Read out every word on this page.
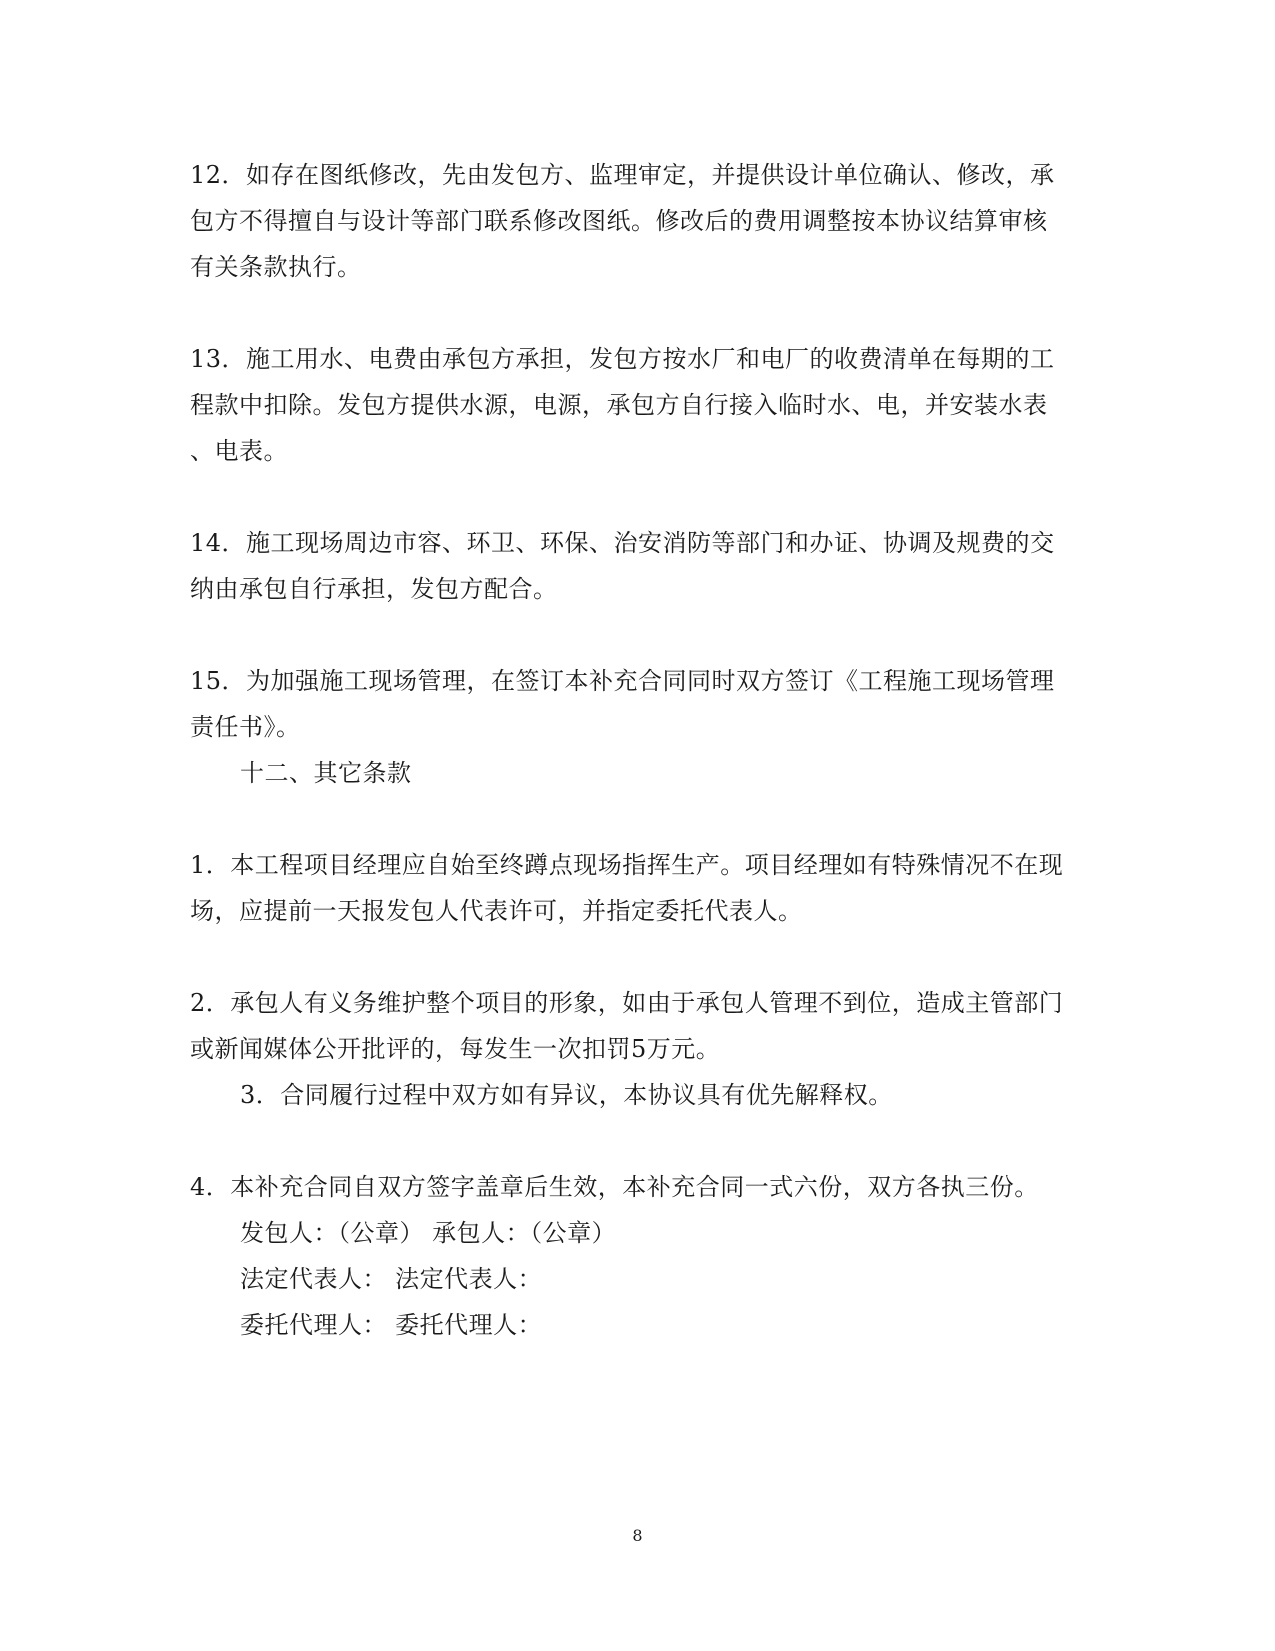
12．如存在图纸修改，先由发包方、监理审定，并提供设计单位确认、修改，承
包方不得擅自与设计等部门联系修改图纸。修改后的费用调整按本协议结算审核
有关条款执行。
13．施工用水、电费由承包方承担，发包方按水厂和电厂的收费清单在每期的工
程款中扣除。发包方提供水源，电源，承包方自行接入临时水、电，并安装水表
、电表。
14．施工现场周边市容、环卫、环保、治安消防等部门和办证、协调及规费的交
纳由承包自行承担，发包方配合。
15．为加强施工现场管理，在签订本补充合同同时双方签订《工程施工现场管理
责任书》。
十二、其它条款
1．本工程项目经理应自始至终蹲点现场指挥生产。项目经理如有特殊情况不在现
场，应提前一天报发包人代表许可，并指定委托代表人。
2．承包人有义务维护整个项目的形象，如由于承包人管理不到位，造成主管部门
或新闻媒体公开批评的，每发生一次扣罚5万元。
3．合同履行过程中双方如有异议，本协议具有优先解释权。
4．本补充合同自双方签字盖章后生效，本补充合同一式六份，双方各执三份。
发包人：（公章） 承包人：（公章）
法定代表人： 法定代表人：
委托代理人： 委托代理人：
8
